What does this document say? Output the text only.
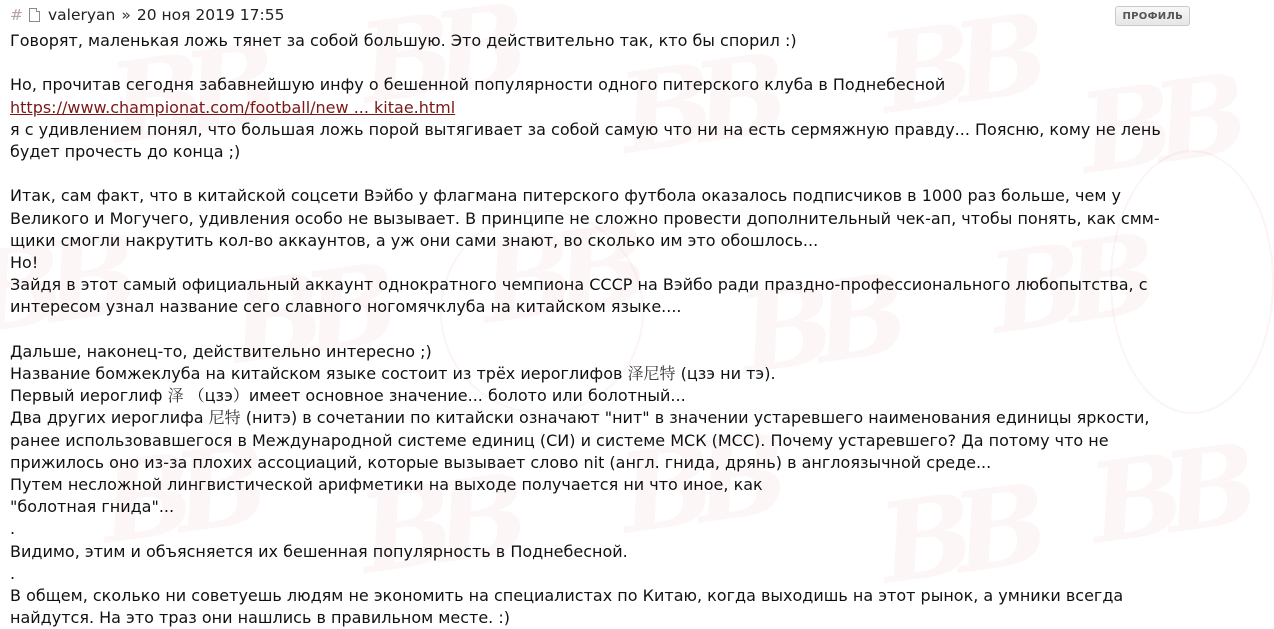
# valeryan » 20 ноя 2019 17:55	ПРОФИЛЬ

Говорят, маленькая ложь тянет за собой большую. Это действительно так, кто бы спорил :)

Но, прочитав сегодня забавнейшую инфу о бешенной популярности одного питерского клуба в Поднебесной

https://www.championat.com/football/new ... kitae.html

я с удивлением понял, что большая ложь порой вытягивает за собой самую что ни на есть сермяжную правду... Поясню, кому не лень будет прочесть до конца ;)

Итак, сам факт, что в китайской соцсети Вэйбо у флагмана питерского футбола оказалось подписчиков в 1000 раз больше, чем у Великого и Могучего, удивления особо не вызывает. В принципе не сложно провести дополнительный чек-ап, чтобы понять, как смм-щики смогли накрутить кол-во аккаунтов, а уж они сами знают, во сколько им это обошлось...

Но!

Зайдя в этот самый официальный аккаунт однократного чемпиона СССР на Вэйбо ради праздно-профессионального любопытства, с интересом узнал название сего славного ногомячклуба на китайском языке....

Дальше, наконец-то, действительно интересно ;)

Название бомжеклуба на китайском языке состоит из трёх иероглифов 泽尼特 (цзэ ни тэ).

Первый иероглиф 泽 （цзэ）имеет основное значение... болото или болотный...

Два других иероглифа 尼特 (нитэ) в сочетании по китайски означают "нит" в значении устаревшего наименования единицы яркости, ранее использовавшегося в Международной системе единиц (СИ) и системе МСК (МСС). Почему устаревшего? Да потому что не прижилось оно из-за плохих ассоциаций, которые вызывает слово nit (англ. гнида, дрянь) в англоязычной среде...

Путем несложной лингвистической арифметики на выходе получается ни что иное, как

"болотная гнида"...

.

Видимо, этим и объясняется их бешенная популярность в Поднебесной.

.

В общем, сколько ни советуешь людям не экономить на специалистах по Китаю, когда выходишь на этот рынок, а умники всегда найдутся. На это траз они нашлись в правильном месте. :)
